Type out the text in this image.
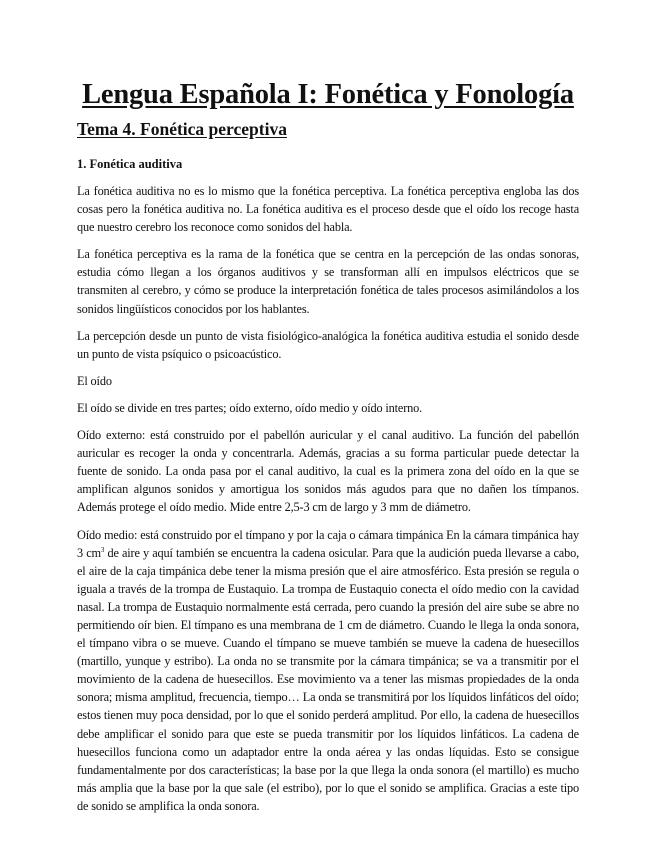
Lengua Española I: Fonética y Fonología
Tema 4. Fonética perceptiva
1. Fonética auditiva

La fonética auditiva no es lo mismo que la fonética perceptiva. La fonética perceptiva engloba las dos cosas pero la fonética auditiva no. La fonética auditiva es el proceso desde que el oído los recoge hasta que nuestro cerebro los reconoce como sonidos del habla.

La fonética perceptiva es la rama de la fonética que se centra en la percepción de las ondas sonoras, estudia cómo llegan a los órganos auditivos y se transforman allí en impulsos eléctricos que se transmiten al cerebro, y cómo se produce la interpretación fonética de tales procesos asimilándolos a los sonidos lingüísticos conocidos por los hablantes.

La percepción desde un punto de vista fisiológico-analógica la fonética auditiva estudia el sonido desde un punto de vista psíquico o psicoacústico.

El oído

El oído se divide en tres partes; oído externo, oído medio y oído interno.

Oído externo: está construido por el pabellón auricular y el canal auditivo. La función del pabellón auricular es recoger la onda y concentrarla. Además, gracias a su forma particular puede detectar la fuente de sonido. La onda pasa por el canal auditivo, la cual es la primera zona del oído en la que se amplifican algunos sonidos y amortigua los sonidos más agudos para que no dañen los tímpanos. Además protege el oído medio. Mide entre 2,5-3 cm de largo y 3 mm de diámetro.

Oído medio: está construido por el tímpano y por la caja o cámara timpánica En la cámara timpánica hay 3 $cm^3$ de aire y aquí también se encuentra la cadena osicular. Para que la audición pueda llevarse a cabo, el aire de la caja timpánica debe tener la misma presión que el aire atmosférico. Esta presión se regula o iguala a través de la trompa de Eustaquio. La trompa de Eustaquio conecta el oído medio con la cavidad nasal. La trompa de Eustaquio normalmente está cerrada, pero cuando la presión del aire sube se abre no permitiendo oír bien. El tímpano es una membrana de 1 cm de diámetro. Cuando le llega la onda sonora, el tímpano vibra o se mueve. Cuando el tímpano se mueve también se mueve la cadena de huesecillos (martillo, yunque y estribo). La onda no se transmite por la cámara timpánica; se va a transmitir por el movimiento de la cadena de huesecillos. Ese movimiento va a tener las mismas propiedades de la onda sonora; misma amplitud, frecuencia, tiempo… La onda se transmitirá por los líquidos linfáticos del oído; estos tienen muy poca densidad, por lo que el sonido perderá amplitud. Por ello, la cadena de huesecillos debe amplificar el sonido para que este se pueda transmitir por los líquidos linfáticos. La cadena de huesecillos funciona como un adaptador entre la onda aérea y las ondas líquidas. Esto se consigue fundamentalmente por dos características; la base por la que llega la onda sonora (el martillo) es mucho más amplia que la base por la que sale (el estribo), por lo que el sonido se amplifica. Gracias a este tipo de sonido se amplifica la onda sonora.
